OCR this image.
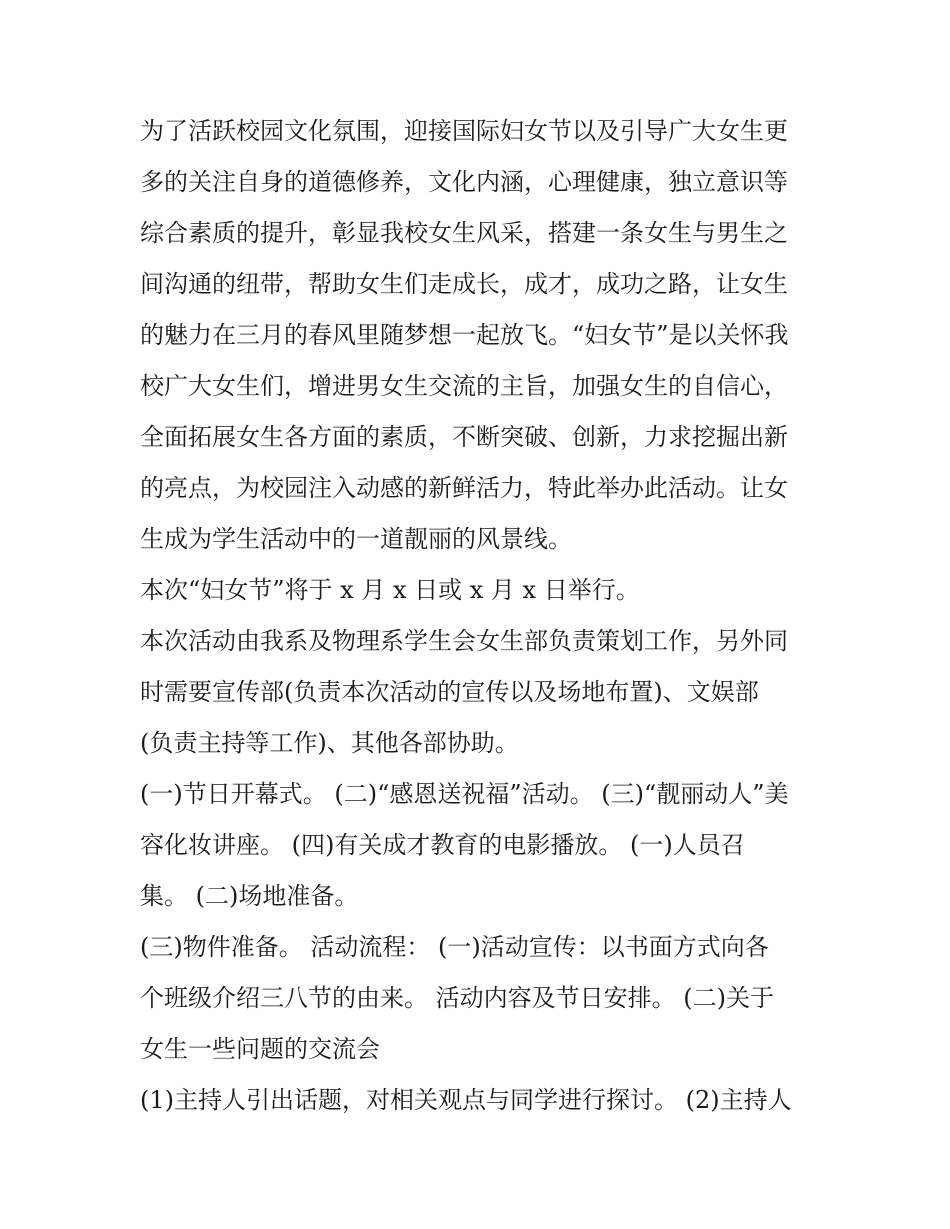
为了活跃校园文化氛围，迎接国际妇女节以及引导广大女生更
多的关注自身的道德修养，文化内涵，心理健康，独立意识等
综合素质的提升，彰显我校女生风采，搭建一条女生与男生之
间沟通的纽带，帮助女生们走成长，成才，成功之路，让女生
的魅力在三月的春风里随梦想一起放飞。“妇女节”是以关怀我
校广大女生们，增进男女生交流的主旨，加强女生的自信心，
全面拓展女生各方面的素质，不断突破、创新，力求挖掘出新
的亮点，为校园注入动感的新鲜活力，特此举办此活动。让女
生成为学生活动中的一道靓丽的风景线。
本次“妇女节”将于 x 月 x 日或 x 月 x 日举行。
本次活动由我系及物理系学生会女生部负责策划工作，另外同
时需要宣传部(负责本次活动的宣传以及场地布置)、文娱部
(负责主持等工作)、其他各部协助。
(一)节日开幕式。 (二)“感恩送祝福”活动。 (三)“靓丽动人”美
容化妆讲座。 (四)有关成才教育的电影播放。 (一)人员召
集。 (二)场地准备。
(三)物件准备。 活动流程： (一)活动宣传：以书面方式向各
个班级介绍三八节的由来。 活动内容及节日安排。 (二)关于
女生一些问题的交流会
(1)主持人引出话题，对相关观点与同学进行探讨。 (2)主持人
